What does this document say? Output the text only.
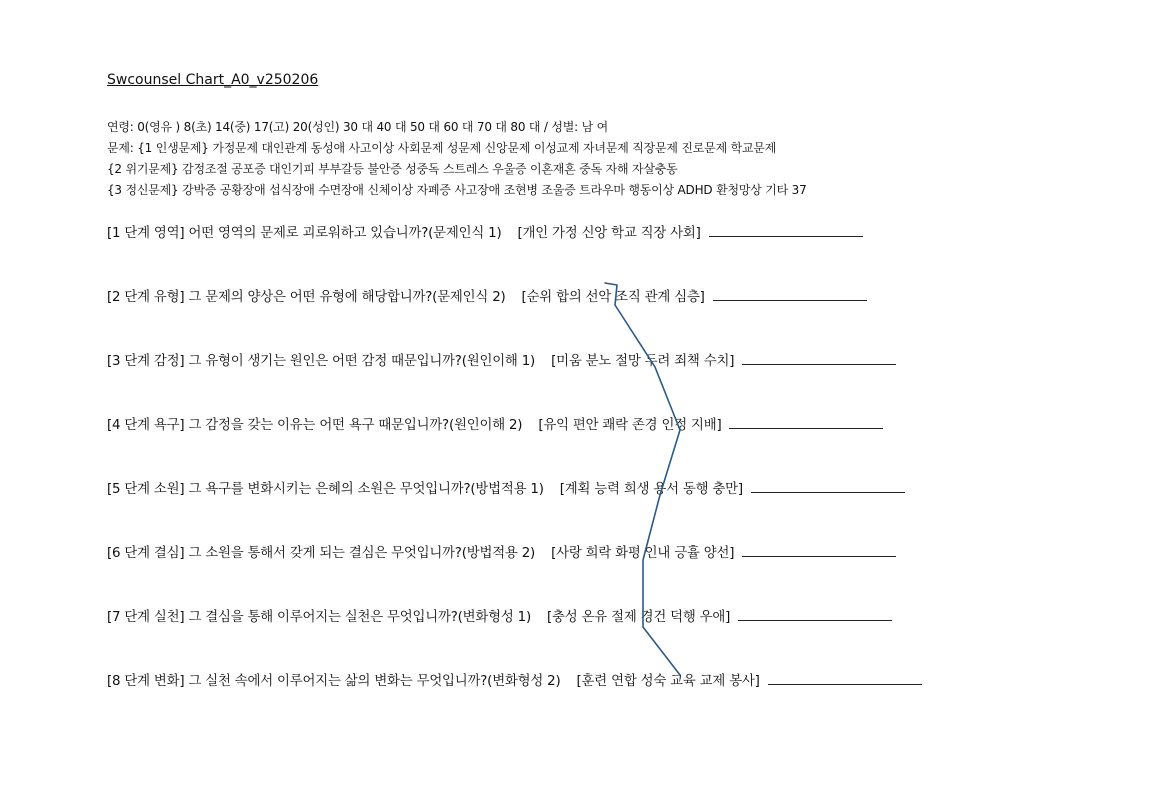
Swcounsel Chart_A0_v250206
연령: 0(영유 ) 8(초) 14(중) 17(고) 20(성인) 30 대 40 대 50 대 60 대 70 대 80 대 / 성별: 남 여
문제: {1 인생문제} 가정문제 대인관계 동성애 사고이상 사회문제 성문제 신앙문제 이성교제 자녀문제 직장문제 진로문제 학교문제
{2 위기문제} 감정조절 공포증 대인기피 부부갈등 불안증 성중독 스트레스 우울증 이혼재혼 중독 자해 자살충동
{3 정신문제} 강박증 공황장애 섭식장애 수면장애 신체이상 자폐증 사고장애 조현병 조울증 트라우마 행동이상 ADHD 환청망상 기타 37
[1 단계 영역] 어떤 영역의 문제로 괴로워하고 있습니까?(문제인식 1) [개인 가정 신앙 학교 직장 사회]
[2 단계 유형] 그 문제의 양상은 어떤 유형에 해당합니까?(문제인식 2) [순위 합의 선악 조직 관계 심층]
[3 단계 감정] 그 유형이 생기는 원인은 어떤 감정 때문입니까?(원인이해 1) [미움 분노 절망 두려 죄책 수치]
[4 단계 욕구] 그 감정을 갖는 이유는 어떤 욕구 때문입니까?(원인이해 2) [유익 편안 쾌락 존경 인정 지배]
[5 단계 소원] 그 욕구를 변화시키는 은혜의 소원은 무엇입니까?(방법적용 1) [계획 능력 희생 용서 동행 충만]
[6 단계 결심] 그 소원을 통해서 갖게 되는 결심은 무엇입니까?(방법적용 2) [사랑 희락 화평 인내 긍휼 양선]
[7 단계 실천] 그 결심을 통해 이루어지는 실천은 무엇입니까?(변화형성 1) [충성 온유 절제 경건 덕행 우애]
[8 단계 변화] 그 실천 속에서 이루어지는 삶의 변화는 무엇입니까?(변화형성 2) [훈련 연합 성숙 교육 교제 봉사]
